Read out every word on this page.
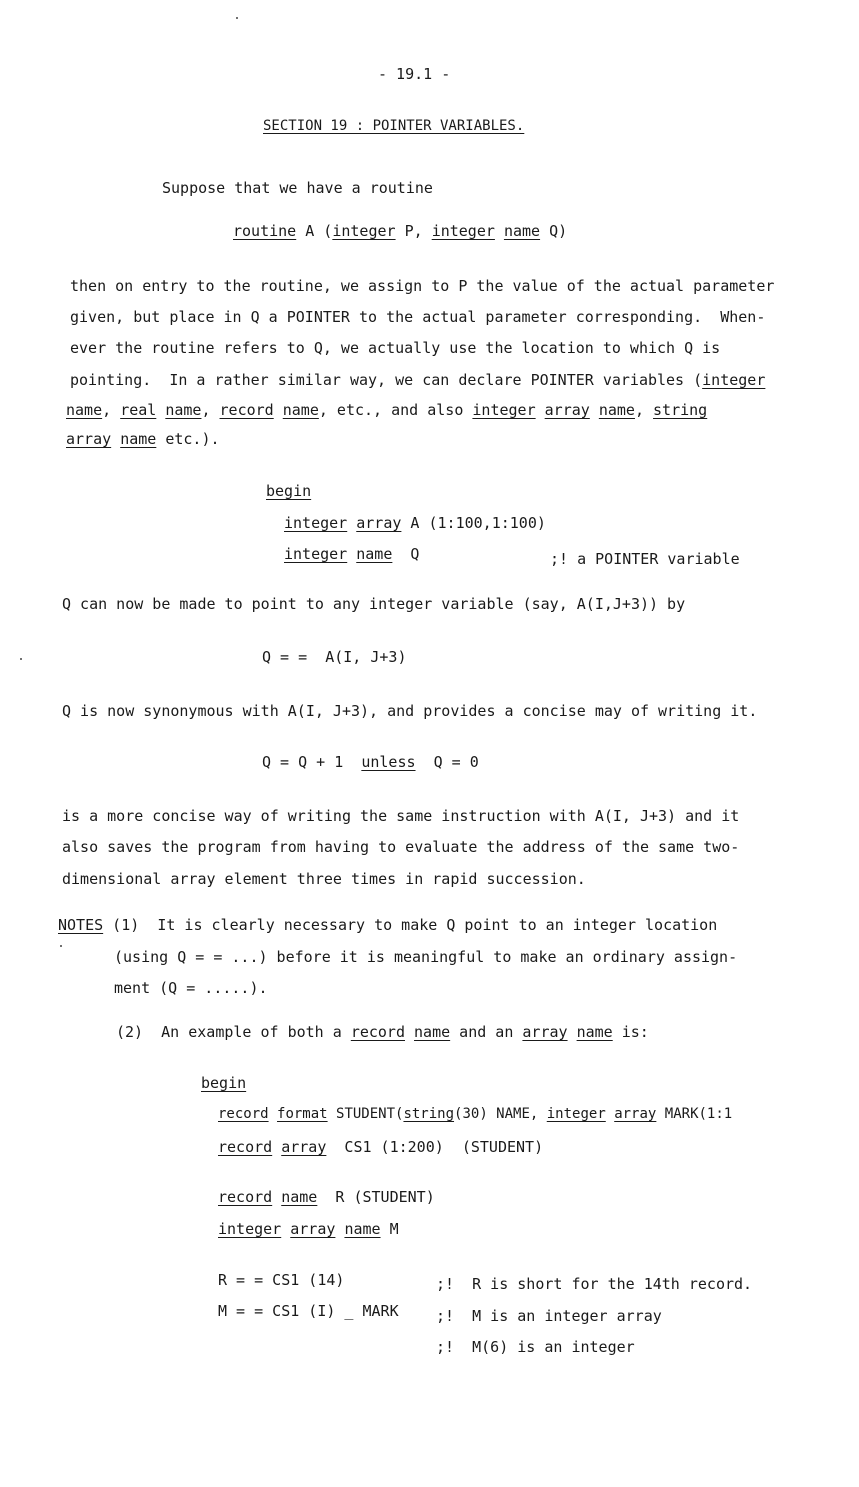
- 19.1 -
SECTION 19 : POINTER VARIABLES.
Suppose that we have a routine
routine A (integer P, integer name Q)
then on entry to the routine, we assign to P the value of the actual parameter
given, but place in Q a POINTER to the actual parameter corresponding.  When-
ever the routine refers to Q, we actually use the location to which Q is
pointing.  In a rather similar way, we can declare POINTER variables (integer
name, real name, record name, etc., and also integer array name, string
array name etc.).
begin
integer array A (1:100,1:100)
integer name  Q	;! a POINTER variable
Q can now be made to point to any integer variable (say, A(I,J+3)) by
Q = =  A(I, J+3)
Q is now synonymous with A(I, J+3), and provides a concise may of writing it.
Q = Q + 1  unless  Q = 0
is a more concise way of writing the same instruction with A(I, J+3) and it
also saves the program from having to evaluate the address of the same two-
dimensional array element three times in rapid succession.
NOTES (1)  It is clearly necessary to make Q point to an integer location
(using Q = = ...) before it is meaningful to make an ordinary assign-
ment (Q = .....).
(2)  An example of both a record name and an array name is:
begin
record format STUDENT(string(30) NAME, integer array MARK(1:1
record array  CS1 (1:200)  (STUDENT)
record name  R (STUDENT)
integer array name M
R = = CS1 (14)	;!  R is short for the 14th record.
M = = CS1 (I) _ MARK ;!  M is an integer array
;!  M(6) is an integer
